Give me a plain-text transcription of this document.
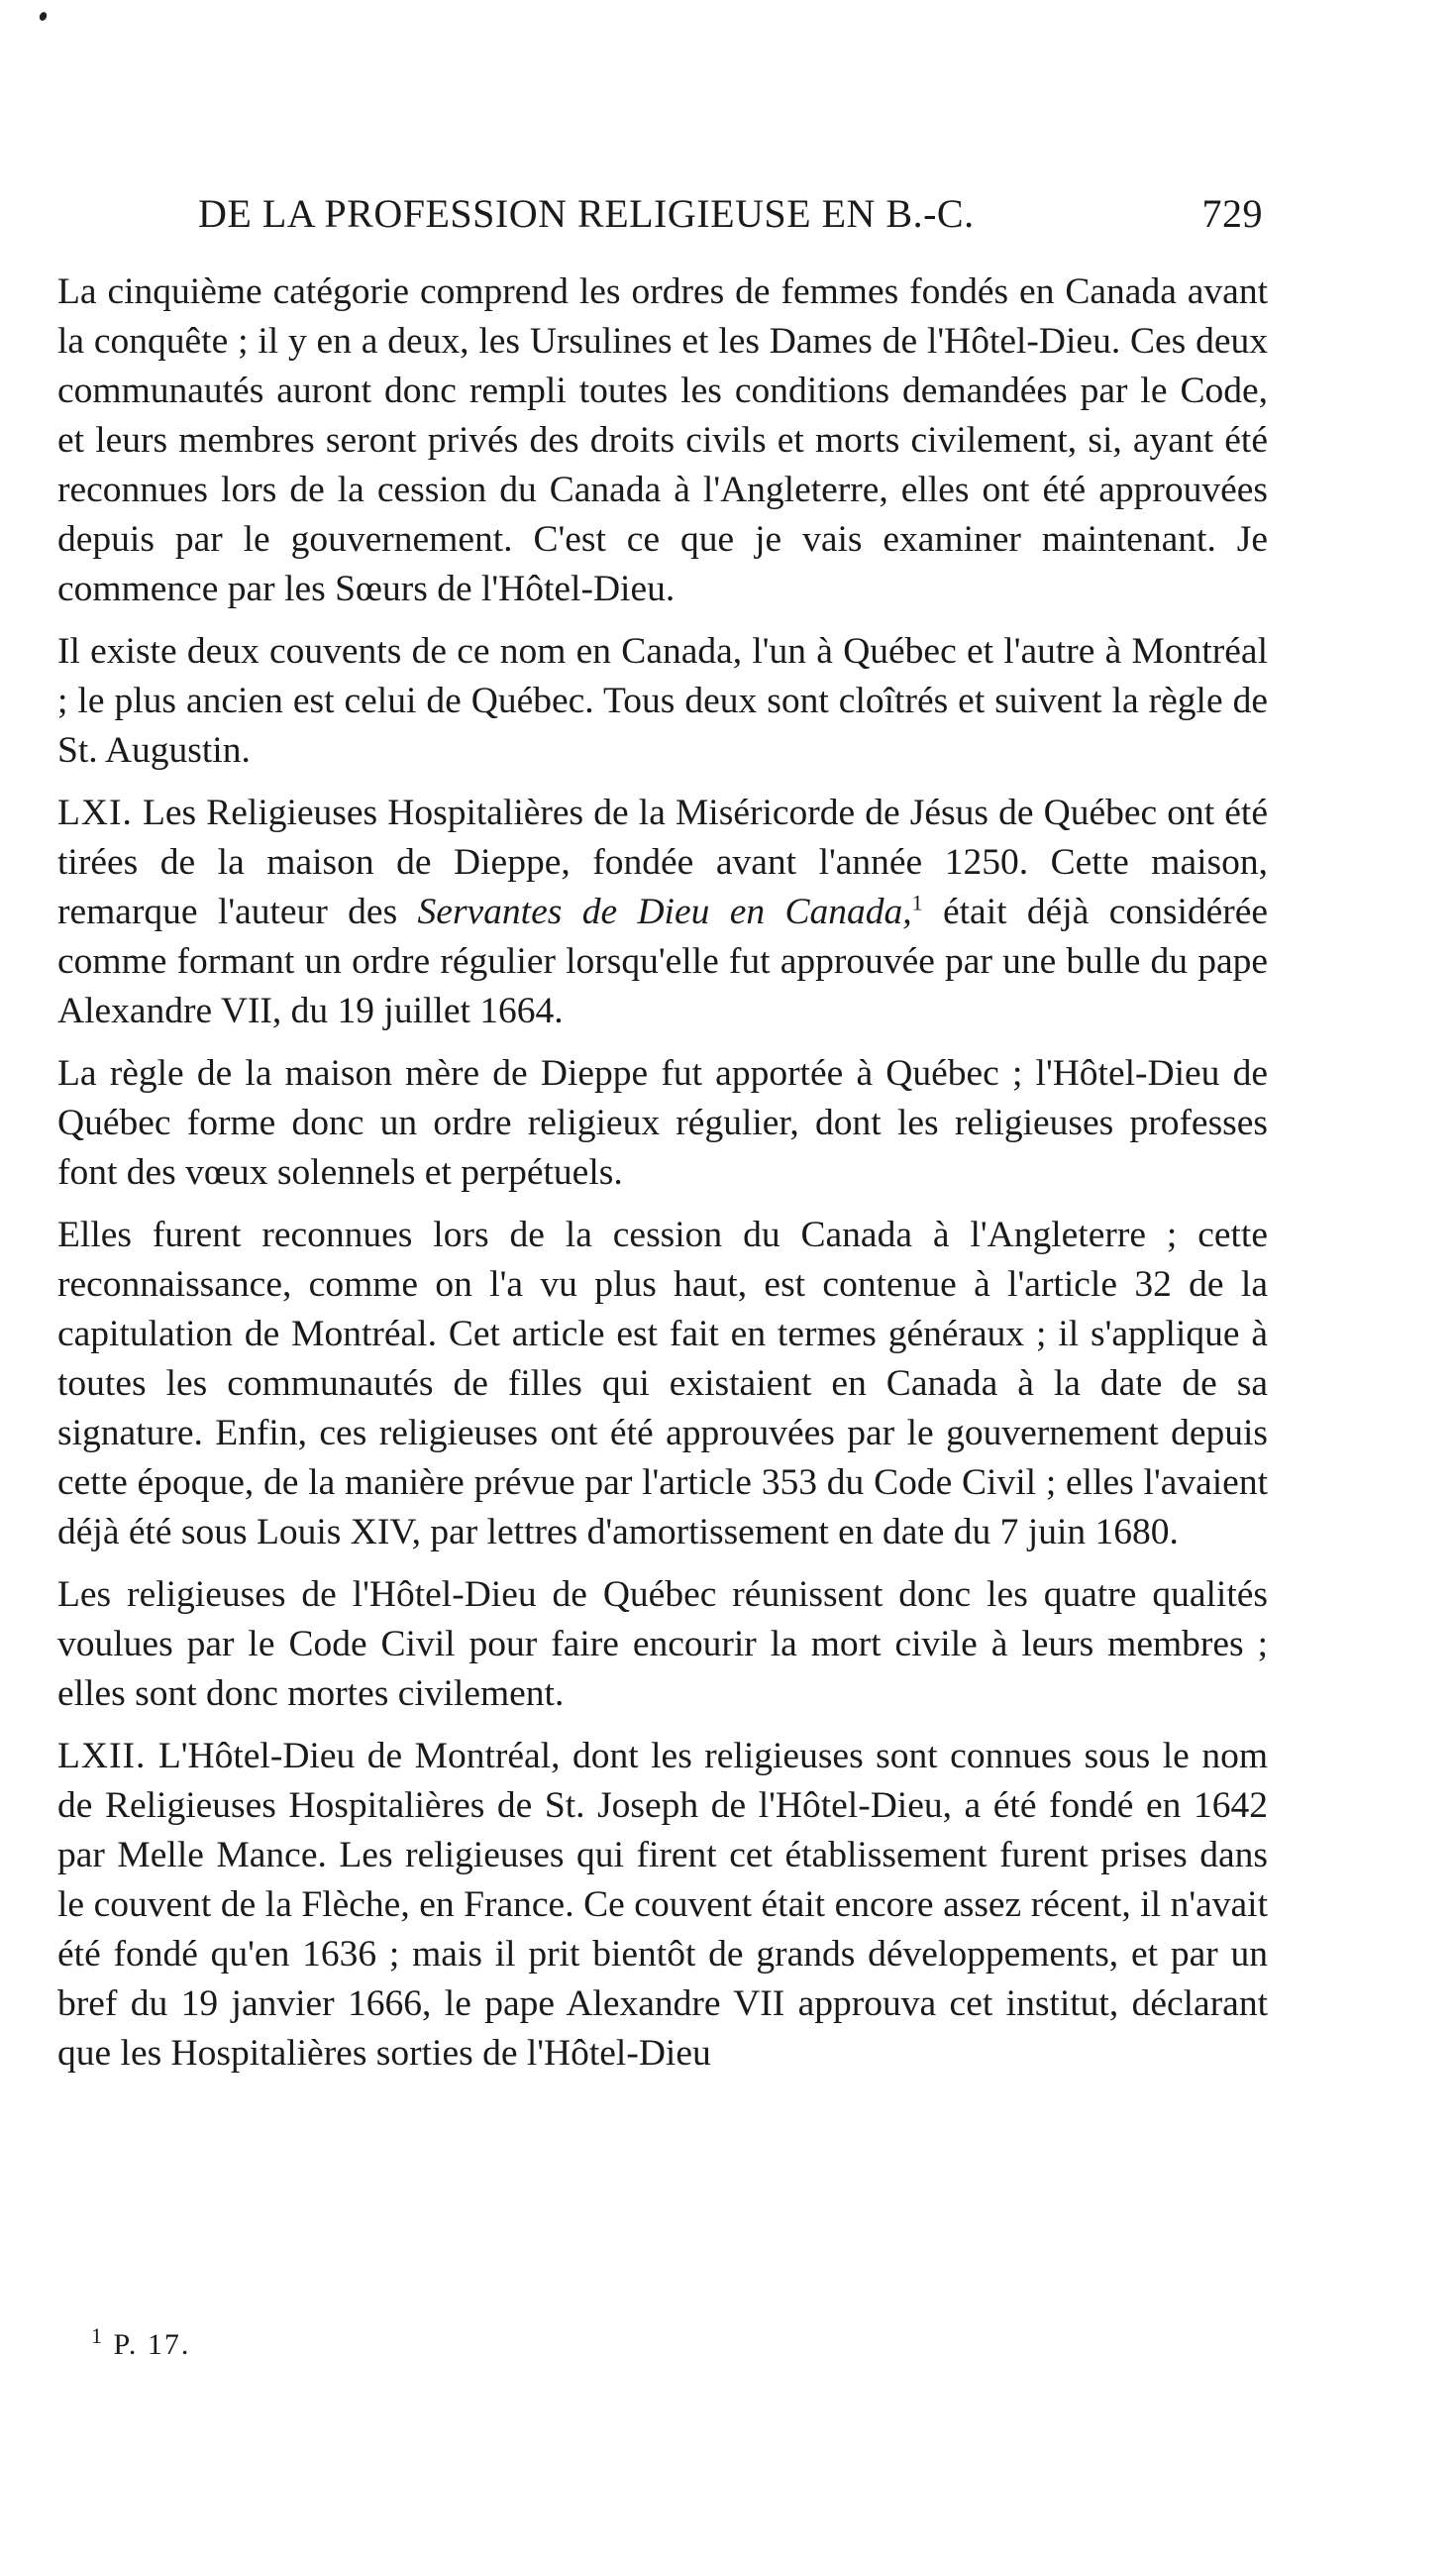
DE LA PROFESSION RELIGIEUSE EN B.-C.	729

La cinquième catégorie comprend les ordres de femmes fondés en Canada avant la conquête ; il y en a deux, les Ursulines et les Dames de l'Hôtel-Dieu. Ces deux communautés auront donc rempli toutes les conditions demandées par le Code, et leurs membres seront privés des droits civils et morts civilement, si, ayant été reconnues lors de la cession du Canada à l'Angleterre, elles ont été approuvées depuis par le gouvernement. C'est ce que je vais examiner maintenant. Je commence par les Sœurs de l'Hôtel-Dieu.

Il existe deux couvents de ce nom en Canada, l'un à Québec et l'autre à Montréal ; le plus ancien est celui de Québec. Tous deux sont cloîtrés et suivent la règle de St. Augustin.

LXI. Les Religieuses Hospitalières de la Miséricorde de Jésus de Québec ont été tirées de la maison de Dieppe, fondée avant l'année 1250. Cette maison, remarque l'auteur des Servantes de Dieu en Canada,$^1$ était déjà considérée comme formant un ordre régulier lorsqu'elle fut approuvée par une bulle du pape Alexandre VII, du 19 juillet 1664.

La règle de la maison mère de Dieppe fut apportée à Québec ; l'Hôtel-Dieu de Québec forme donc un ordre religieux régulier, dont les religieuses professes font des vœux solennels et perpétuels.

Elles furent reconnues lors de la cession du Canada à l'Angleterre ; cette reconnaissance, comme on l'a vu plus haut, est contenue à l'article 32 de la capitulation de Montréal. Cet article est fait en termes généraux ; il s'applique à toutes les communautés de filles qui existaient en Canada à la date de sa signature. Enfin, ces religieuses ont été approuvées par le gouvernement depuis cette époque, de la manière prévue par l'article 353 du Code Civil ; elles l'avaient déjà été sous Louis XIV, par lettres d'amortissement en date du 7 juin 1680.

Les religieuses de l'Hôtel-Dieu de Québec réunissent donc les quatre qualités voulues par le Code Civil pour faire encourir la mort civile à leurs membres ; elles sont donc mortes civilement.

LXII. L'Hôtel-Dieu de Montréal, dont les religieuses sont connues sous le nom de Religieuses Hospitalières de St. Joseph de l'Hôtel-Dieu, a été fondé en 1642 par Melle Mance. Les religieuses qui firent cet établissement furent prises dans le couvent de la Flèche, en France. Ce couvent était encore assez récent, il n'avait été fondé qu'en 1636 ; mais il prit bientôt de grands développements, et par un bref du 19 janvier 1666, le pape Alexandre VII approuva cet institut, déclarant que les Hospitalières sorties de l'Hôtel-Dieu

$^1$ P. 17.
